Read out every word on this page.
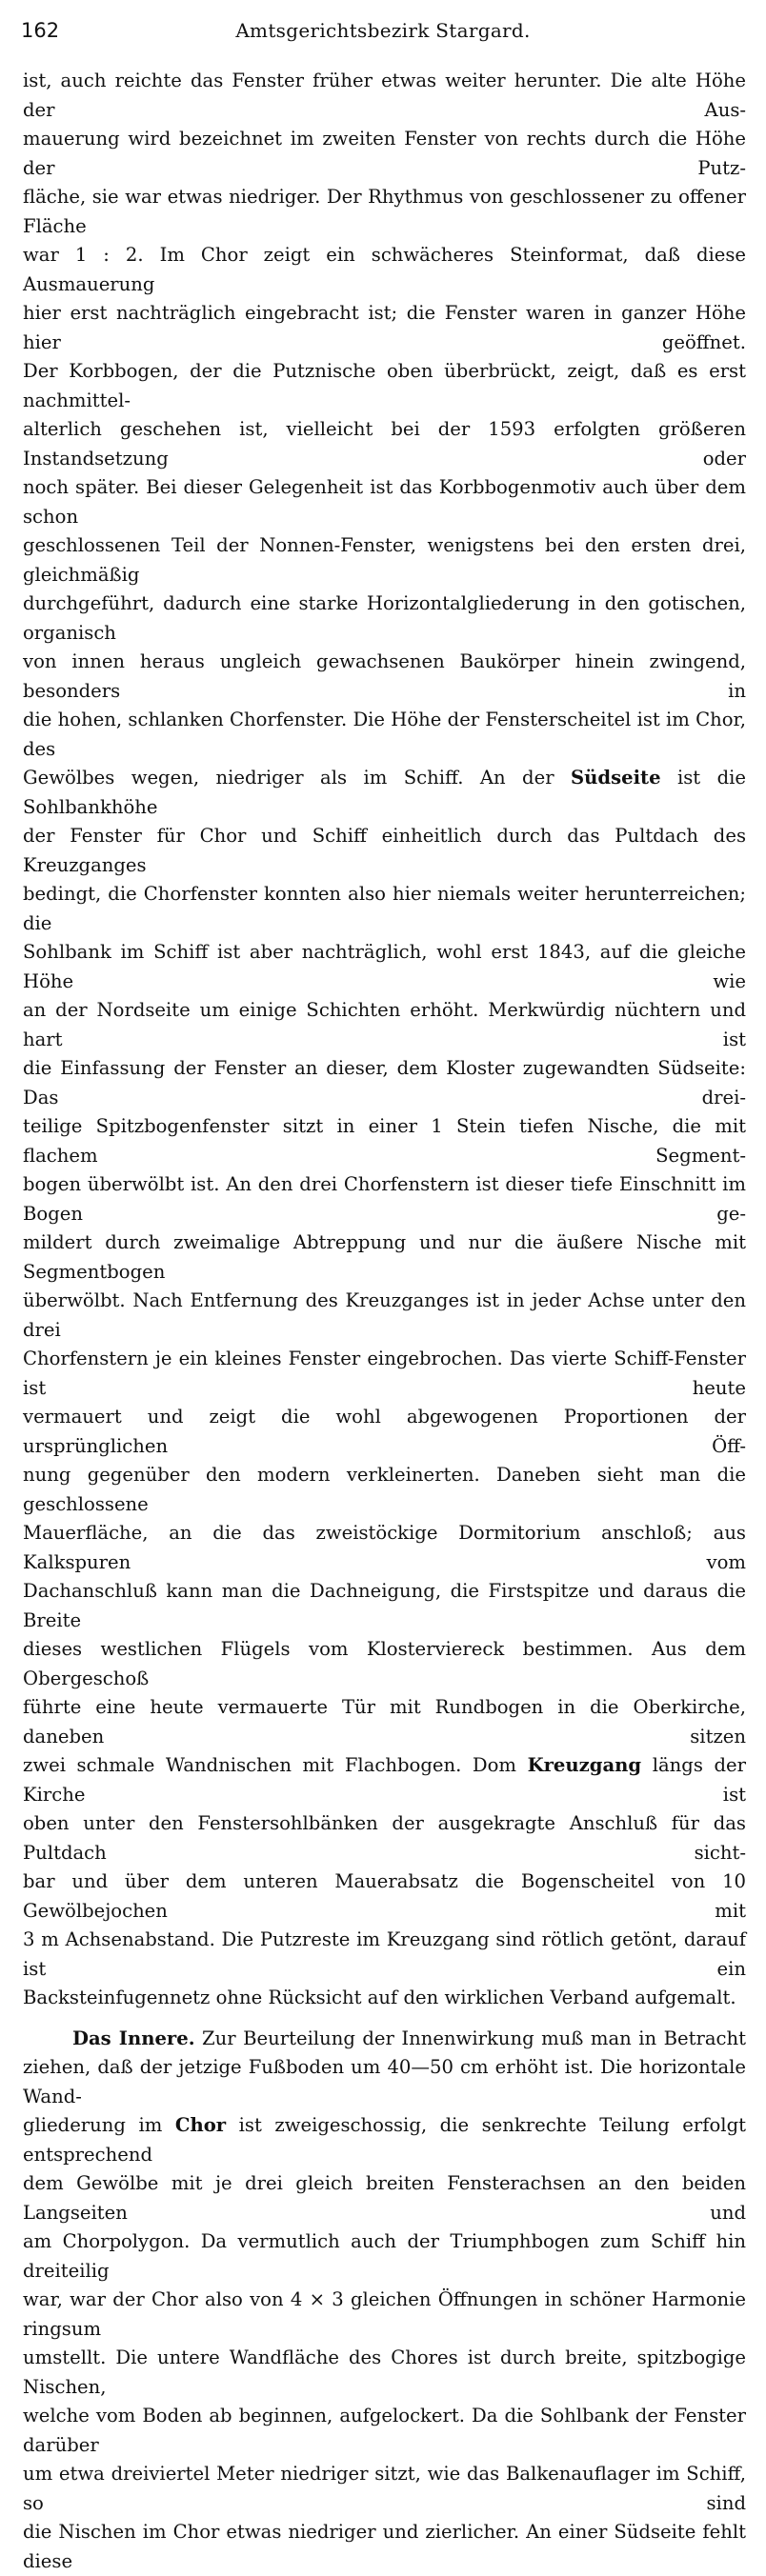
162	Amtsgerichtsbezirk Stargard.

ist, auch reichte das Fenster früher etwas weiter herunter. Die alte Höhe der Aus-

mauerung wird bezeichnet im zweiten Fenster von rechts durch die Höhe der Putz-

fläche, sie war etwas niedriger. Der Rhythmus von geschlossener zu offener Fläche

war 1 : 2. Im Chor zeigt ein schwächeres Steinformat, daß diese Ausmauerung

hier erst nachträglich eingebracht ist; die Fenster waren in ganzer Höhe hier geöffnet.

Der Korbbogen, der die Putznische oben überbrückt, zeigt, daß es erst nachmittel-

alterlich geschehen ist, vielleicht bei der 1593 erfolgten größeren Instandsetzung oder

noch später. Bei dieser Gelegenheit ist das Korbbogenmotiv auch über dem schon

geschlossenen Teil der Nonnen-Fenster, wenigstens bei den ersten drei, gleichmäßig

durchgeführt, dadurch eine starke Horizontalgliederung in den gotischen, organisch

von innen heraus ungleich gewachsenen Baukörper hinein zwingend, besonders in

die hohen, schlanken Chorfenster. Die Höhe der Fensterscheitel ist im Chor, des

Gewölbes wegen, niedriger als im Schiff. An der Südseite ist die Sohlbankhöhe

der Fenster für Chor und Schiff einheitlich durch das Pultdach des Kreuzganges

bedingt, die Chorfenster konnten also hier niemals weiter herunterreichen; die

Sohlbank im Schiff ist aber nachträglich, wohl erst 1843, auf die gleiche Höhe wie

an der Nordseite um einige Schichten erhöht. Merkwürdig nüchtern und hart ist

die Einfassung der Fenster an dieser, dem Kloster zugewandten Südseite: Das drei-

teilige Spitzbogenfenster sitzt in einer 1 Stein tiefen Nische, die mit flachem Segment-

bogen überwölbt ist. An den drei Chorfenstern ist dieser tiefe Einschnitt im Bogen ge-

mildert durch zweimalige Abtreppung und nur die äußere Nische mit Segmentbogen

überwölbt. Nach Entfernung des Kreuzganges ist in jeder Achse unter den drei

Chorfenstern je ein kleines Fenster eingebrochen. Das vierte Schiff-Fenster ist heute

vermauert und zeigt die wohl abgewogenen Proportionen der ursprünglichen Öff-

nung gegenüber den modern verkleinerten. Daneben sieht man die geschlossene

Mauerfläche, an die das zweistöckige Dormitorium anschloß; aus Kalkspuren vom

Dachanschluß kann man die Dachneigung, die Firstspitze und daraus die Breite

dieses westlichen Flügels vom Klosterviereck bestimmen. Aus dem Obergeschoß

führte eine heute vermauerte Tür mit Rundbogen in die Oberkirche, daneben sitzen

zwei schmale Wandnischen mit Flachbogen. Dom Kreuzgang längs der Kirche ist

oben unter den Fenstersohlbänken der ausgekragte Anschluß für das Pultdach sicht-

bar und über dem unteren Mauerabsatz die Bogenscheitel von 10 Gewölbejochen mit

3 m Achsenabstand. Die Putzreste im Kreuzgang sind rötlich getönt, darauf ist ein

Backsteinfugennetz ohne Rücksicht auf den wirklichen Verband aufgemalt.

Das Innere. Zur Beurteilung der Innenwirkung muß man in Betracht

ziehen, daß der jetzige Fußboden um 40—50 cm erhöht ist. Die horizontale Wand-

gliederung im Chor ist zweigeschossig, die senkrechte Teilung erfolgt entsprechend

dem Gewölbe mit je drei gleich breiten Fensterachsen an den beiden Langseiten und

am Chorpolygon. Da vermutlich auch der Triumphbogen zum Schiff hin dreiteilig

war, war der Chor also von 4 × 3 gleichen Öffnungen in schöner Harmonie ringsum

umstellt. Die untere Wandfläche des Chores ist durch breite, spitzbogige Nischen,

welche vom Boden ab beginnen, aufgelockert. Da die Sohlbank der Fenster darüber

um etwa dreiviertel Meter niedriger sitzt, wie das Balkenauflager im Schiff, so sind

die Nischen im Chor etwas niedriger und zierlicher. An einer Südseite fehlt diese
